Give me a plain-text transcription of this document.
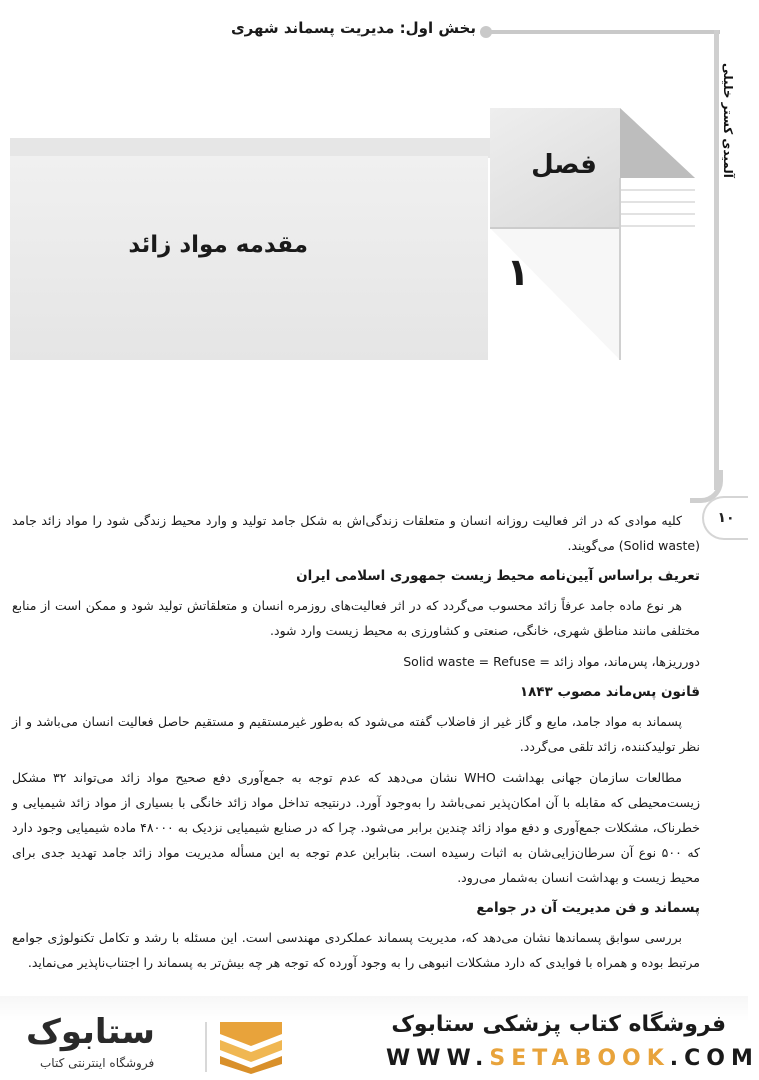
بخش اول: مدیریت پسماند شهری
آلمیدی کستر خلیلی
۱۰
فصل
۱
مقدمه مواد زائد

کلیه موادی که در اثر فعالیت روزانه انسان و متعلقات زندگی‌اش به شکل جامد تولید و وارد محیط زندگی شود را مواد زائد جامد (Solid waste) می‌گویند.

تعریف براساس آیین‌نامه محیط زیست جمهوری اسلامی ایران

هر نوع ماده جامد عرفاً زائد محسوب می‌گردد که در اثر فعالیت‌های روزمره انسان و متعلقاتش تولید شود و ممکن است از منابع مختلفی مانند مناطق شهری، خانگی، صنعتی و کشاورزی به محیط زیست وارد شود.

دورریزها، پس‌ماند، مواد زائد = Solid waste = Refuse

قانون پس‌ماند مصوب ۱۸۴۳

پسماند به مواد جامد، مایع و گاز غیر از فاضلاب گفته می‌شود که به‌طور غیرمستقیم و مستقیم حاصل فعالیت انسان می‌باشد و از نظر تولیدکننده، زائد تلقی می‌گردد.

مطالعات سازمان جهانی بهداشت WHO نشان می‌دهد که عدم توجه به جمع‌آوری دفع صحیح مواد زائد می‌تواند ۳۲ مشکل زیست‌محیطی که مقابله با آن امکان‌پذیر نمی‌باشد را به‌وجود آورد. درنتیجه تداخل مواد زائد خانگی با بسیاری از مواد زائد شیمیایی و خطرناک، مشکلات جمع‌آوری و دفع مواد زائد چندین برابر می‌شود. چرا که در صنایع شیمیایی نزدیک به ۴۸۰۰۰ ماده شیمیایی وجود دارد که ۵۰۰ نوع آن سرطان‌زایی‌شان به اثبات رسیده است. بنابراین عدم توجه به این مسأله مدیریت مواد زائد جامد تهدید جدی برای محیط زیست و بهداشت انسان به‌شمار می‌رود.

پسماند و فن مدیریت آن در جوامع

بررسی سوابق پسماندها نشان می‌دهد که، مدیریت پسماند عملکردی مهندسی است. این مسئله با رشد و تکامل تکنولوژی جوامع مرتبط بوده و همراه با فوایدی که دارد مشکلات انبوهی را به وجود آورده که توجه هر چه بیش‌تر به پسماند را اجتناب‌ناپذیر می‌نماید.

فروشگاه کتاب پزشکی ستابوک
WWW.SETABOOK.COM
ستابوک
فروشگاه اینترنتی کتاب
